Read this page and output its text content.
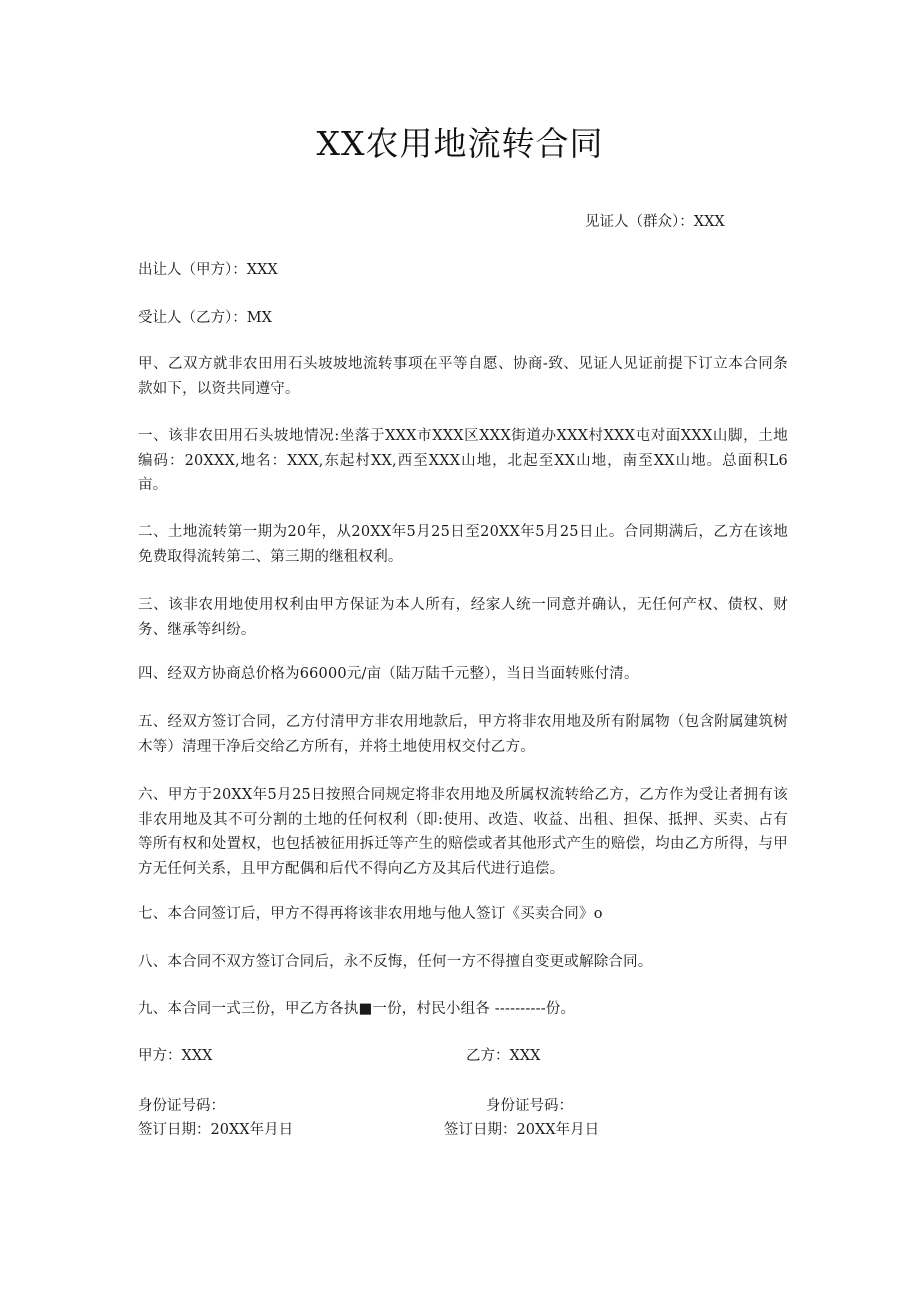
XX农用地流转合同
见证人（群众）：XXX
出让人（甲方）：XXX
受让人（乙方）：MX
甲、乙双方就非农田用石头坡坡地流转事项在平等自愿、协商-致、见证人见证前提下订立本合同条款如下，以资共同遵守。
一、该非农田用石头坡地情况:坐落于XXX市XXX区XXX街道办XXX村XXX屯对面XXX山脚，土地编码：20XXX,地名：XXX,东起村XX,西至XXX山地，北起至XX山地，南至XX山地。总面积L6亩。
二、土地流转第一期为20年，从20XX年5月25日至20XX年5月25日止。合同期满后，乙方在该地免费取得流转第二、第三期的继租权利。
三、该非农用地使用权利由甲方保证为本人所有，经家人统一同意并确认，无任何产权、债权、财务、继承等纠纷。
四、经双方协商总价格为66000元/亩（陆万陆千元整），当日当面转账付清。
五、经双方签订合同，乙方付清甲方非农用地款后，甲方将非农用地及所有附属物（包含附属建筑树木等）清理干净后交给乙方所有，并将土地使用权交付乙方。
六、甲方于20XX年5月25日按照合同规定将非农用地及所属权流转给乙方，乙方作为受让者拥有该非农用地及其不可分割的土地的任何权利（即:使用、改造、收益、出租、担保、抵押、买卖、占有等所有权和处置权，也包括被征用拆迁等产生的赔偿或者其他形式产生的赔偿，均由乙方所得，与甲方无任何关系，且甲方配偶和后代不得向乙方及其后代进行追偿。
七、本合同签订后，甲方不得再将该非农用地与他人签订《买卖合同》o
八、本合同不双方签订合同后，永不反悔，任何一方不得擅自变更或解除合同。
九、本合同一式三份，甲乙方各执■一份，村民小组各 ----------份。
甲方：XXX	乙方：XXX
身份证号码：	身份证号码：
签订日期：20XX年月日	签订日期：20XX年月日
